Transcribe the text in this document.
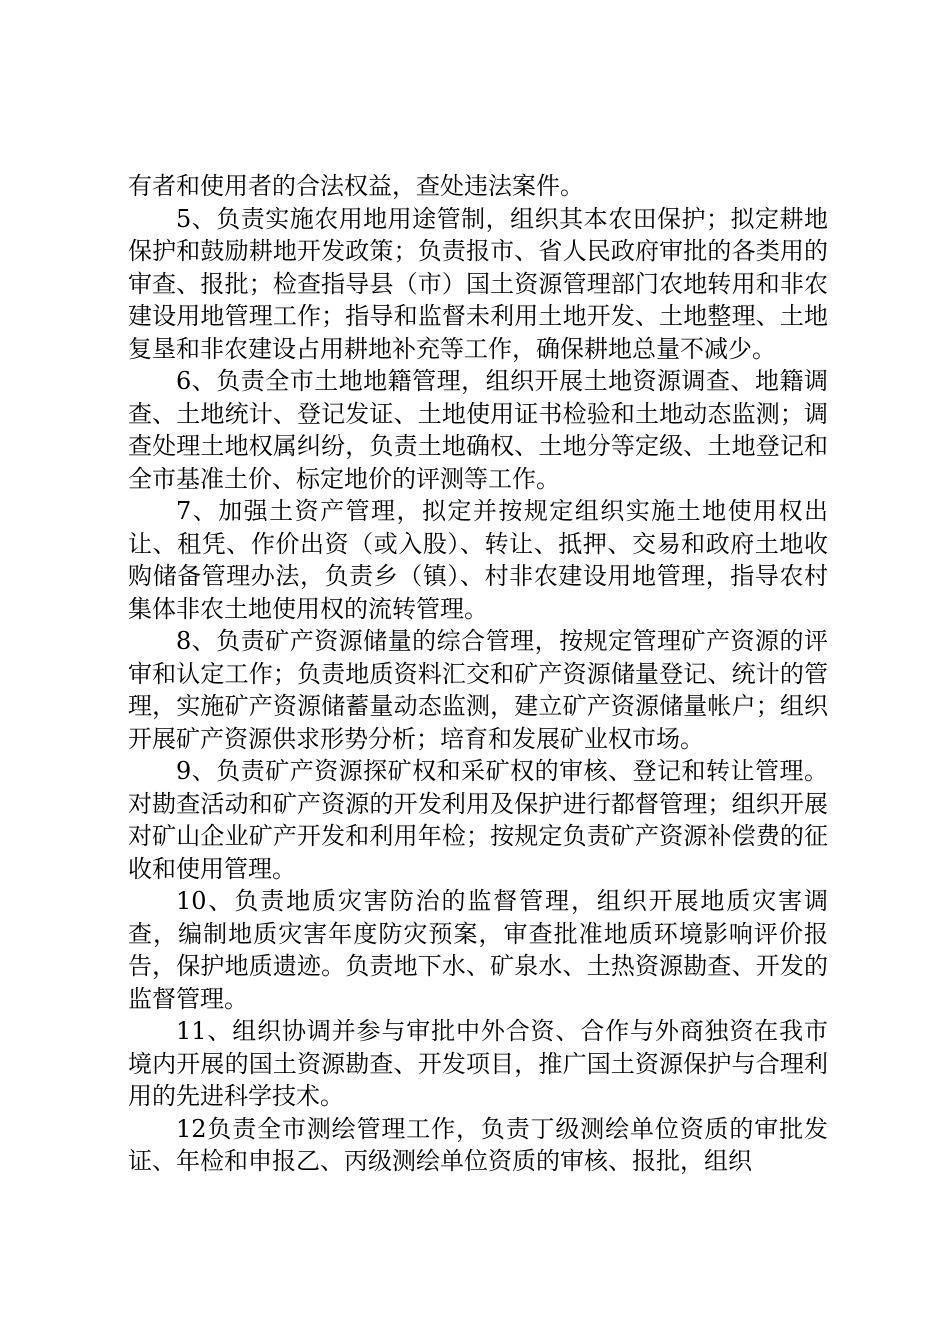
有者和使用者的合法权益，查处违法案件。

5、负责实施农用地用途管制，组织其本农田保护；拟定耕地保护和鼓励耕地开发政策；负责报市、省人民政府审批的各类用的审查、报批；检查指导县（市）国土资源管理部门农地转用和非农建设用地管理工作；指导和监督未利用土地开发、土地整理、土地复垦和非农建设占用耕地补充等工作，确保耕地总量不减少。

6、负责全市土地地籍管理，组织开展土地资源调查、地籍调查、土地统计、登记发证、土地使用证书检验和土地动态监测；调查处理土地权属纠纷，负责土地确权、土地分等定级、土地登记和全市基准土价、标定地价的评测等工作。

7、加强土资产管理，拟定并按规定组织实施土地使用权出让、租凭、作价出资（或入股）、转让、抵押、交易和政府土地收购储备管理办法，负责乡（镇）、村非农建设用地管理，指导农村集体非农土地使用权的流转管理。

8、负责矿产资源储量的综合管理，按规定管理矿产资源的评审和认定工作；负责地质资料汇交和矿产资源储量登记、统计的管理，实施矿产资源储蓄量动态监测，建立矿产资源储量帐户；组织开展矿产资源供求形势分析；培育和发展矿业权市场。

9、负责矿产资源探矿权和采矿权的审核、登记和转让管理。对勘查活动和矿产资源的开发利用及保护进行都督管理；组织开展对矿山企业矿产开发和利用年检；按规定负责矿产资源补偿费的征收和使用管理。

10、负责地质灾害防治的监督管理，组织开展地质灾害调查，编制地质灾害年度防灾预案，审查批准地质环境影响评价报告，保护地质遗迹。负责地下水、矿泉水、土热资源勘查、开发的监督管理。

11、组织协调并参与审批中外合资、合作与外商独资在我市境内开展的国土资源勘查、开发项目，推广国土资源保护与合理利用的先进科学技术。

12负责全市测绘管理工作，负责丁级测绘单位资质的审批发证、年检和申报乙、丙级测绘单位资质的审核、报批，组织
